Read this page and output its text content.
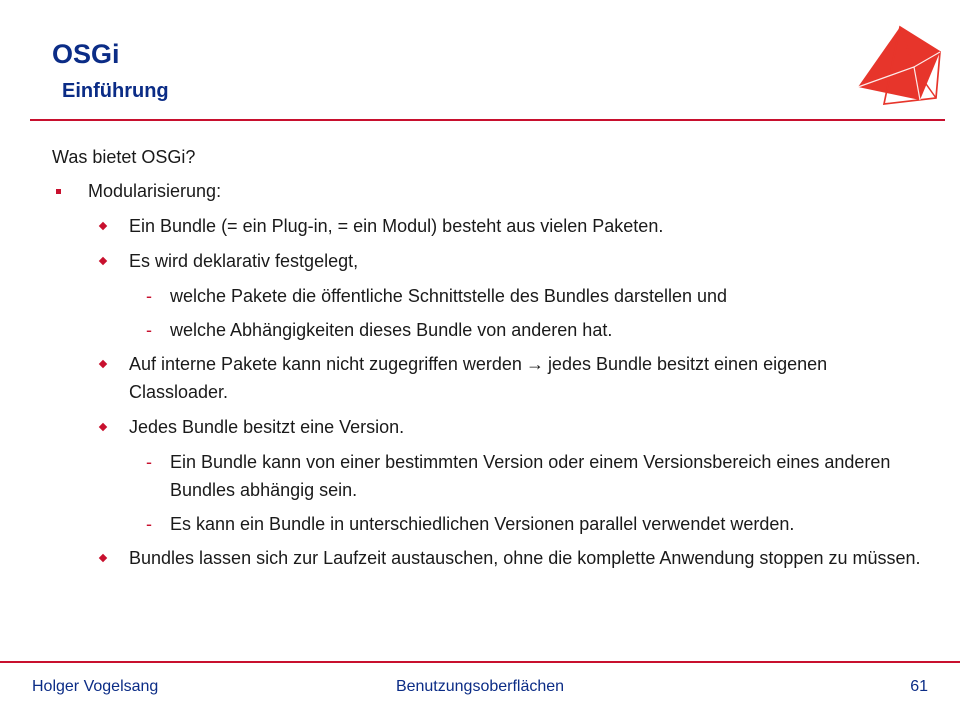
OSGi
Einführung

Was bietet OSGi?

Modularisierung:

Ein Bundle (= ein Plug-in, = ein Modul) besteht aus vielen Paketen.

Es wird deklarativ festgelegt,

- welche Pakete die öffentliche Schnittstelle des Bundles darstellen und

- welche Abhängigkeiten dieses Bundle von anderen hat.

Auf interne Pakete kann nicht zugegriffen werden → jedes Bundle besitzt einen eigenen Classloader.

Jedes Bundle besitzt eine Version.

- Ein Bundle kann von einer bestimmten Version oder einem Versionsbereich eines anderen Bundles abhängig sein.

- Es kann ein Bundle in unterschiedlichen Versionen parallel verwendet werden.

Bundles lassen sich zur Laufzeit austauschen, ohne die komplette Anwendung stoppen zu müssen.

Holger Vogelsang	Benutzungsoberflächen	61
